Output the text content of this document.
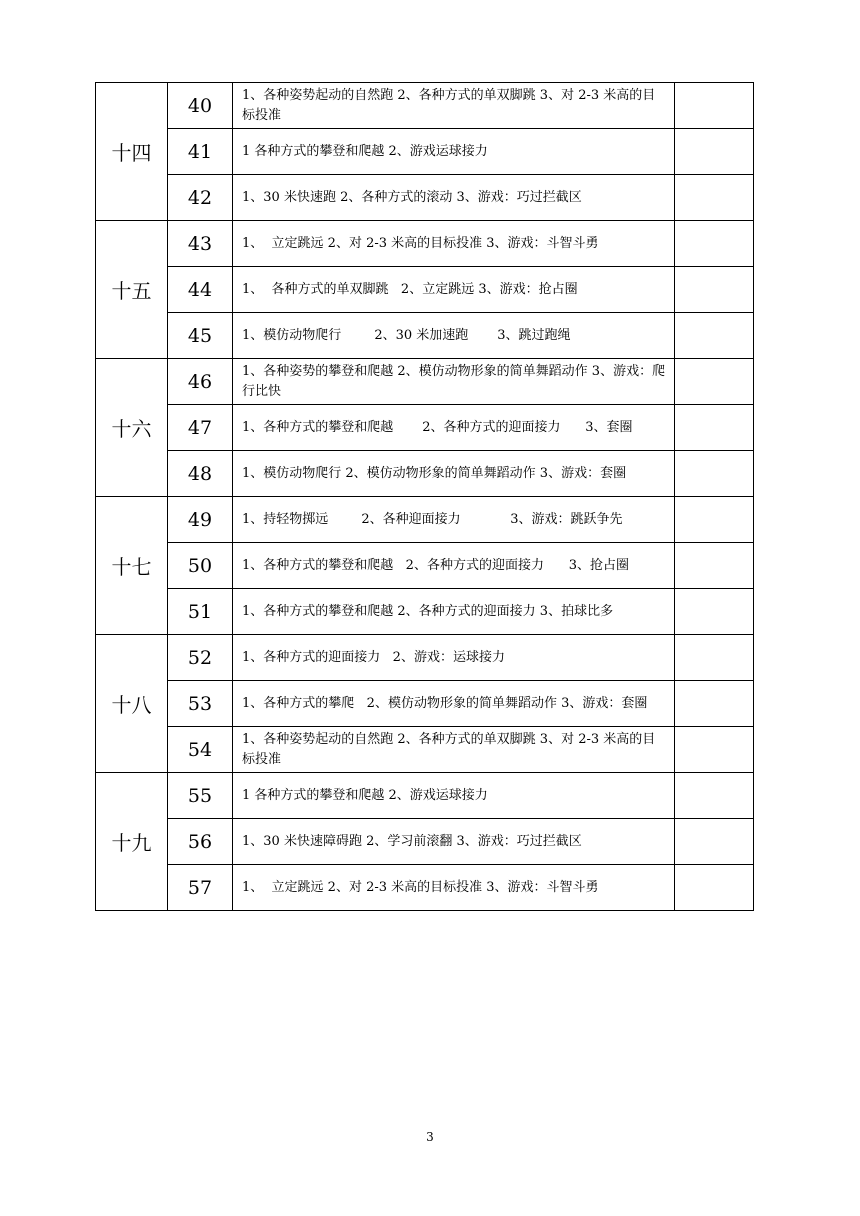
十四	40	1、各种姿势起动的自然跑 2、各种方式的单双脚跳 3、对 2-3 米高的目标投准	
	41	1 各种方式的攀登和爬越 2、游戏运球接力	
	42	1、30 米快速跑 2、各种方式的滚动 3、游戏：巧过拦截区	
十五	43	1、  立定跳远 2、对 2-3 米高的目标投准 3、游戏：斗智斗勇	
	44	1、  各种方式的单双脚跳   2、立定跳远 3、游戏：抢占圈	
	45	1、模仿动物爬行        2、30 米加速跑       3、跳过跑绳	
十六	46	1、各种姿势的攀登和爬越 2、模仿动物形象的简单舞蹈动作 3、游戏：爬行比快	
	47	1、各种方式的攀登和爬越       2、各种方式的迎面接力      3、套圈	
	48	1、模仿动物爬行 2、模仿动物形象的简单舞蹈动作 3、游戏：套圈	
十七	49	1、持轻物掷远        2、各种迎面接力            3、游戏：跳跃争先	
	50	1、各种方式的攀登和爬越   2、各种方式的迎面接力      3、抢占圈	
	51	1、各种方式的攀登和爬越 2、各种方式的迎面接力 3、拍球比多	
十八	52	1、各种方式的迎面接力   2、游戏：运球接力	
	53	1、各种方式的攀爬   2、模仿动物形象的简单舞蹈动作 3、游戏：套圈	
	54	1、各种姿势起动的自然跑 2、各种方式的单双脚跳 3、对 2-3 米高的目标投准	
十九	55	1 各种方式的攀登和爬越 2、游戏运球接力	
	56	1、30 米快速障碍跑 2、学习前滚翻 3、游戏：巧过拦截区	
	57	1、  立定跳远 2、对 2-3 米高的目标投准 3、游戏：斗智斗勇	
3
